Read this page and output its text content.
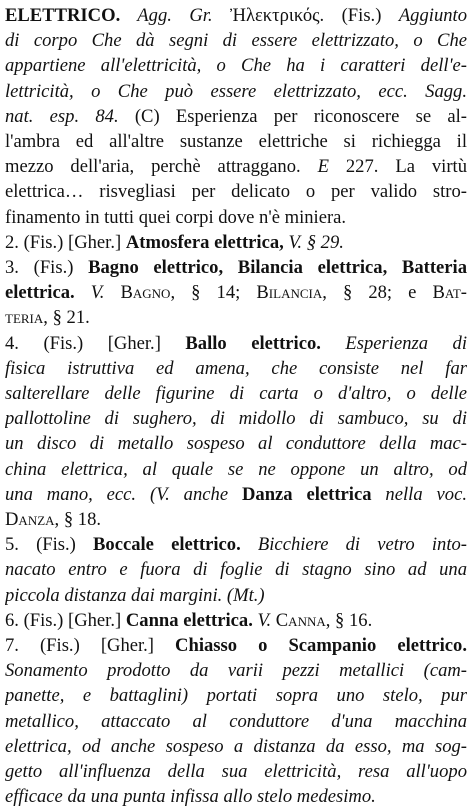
ELETTRICO. Agg. Gr. Ἠλεκτρικός. (Fis.) Aggiunto
di corpo Che dà segni di essere elettrizzato, o Che
appartiene all'elettricità, o Che ha i caratteri dell'e-
lettricità, o Che può essere elettrizzato, ecc. Sagg.
nat. esp. 84. (C) Esperienza per riconoscere se al-
l'ambra ed all'altre sustanze elettriche si richiegga il
mezzo dell'aria, perchè attraggano. E 227. La virtù
elettrica… risvegliasi per delicato o per valido stro-
finamento in tutti quei corpi dove n'è miniera.
2. (Fis.) [Gher.] Atmosfera elettrica, V. § 29.
3. (Fis.) Bagno elettrico, Bilancia elettrica, Batteria
elettrica. V. Bagno, § 14; Bilancia, § 28; e Bat-
teria, § 21.
4. (Fis.) [Gher.] Ballo elettrico. Esperienza di
fisica istruttiva ed amena, che consiste nel far
salterellare delle figurine di carta o d'altro, o delle
pallottoline di sughero, di midollo di sambuco, su di
un disco di metallo sospeso al conduttore della mac-
china elettrica, al quale se ne oppone un altro, od
una mano, ecc. (V. anche Danza elettrica nella voc.
Danza, § 18.
5. (Fis.) Boccale elettrico. Bicchiere di vetro into-
nacato entro e fuora di foglie di stagno sino ad una
piccola distanza dai margini. (Mt.)
6. (Fis.) [Gher.] Canna elettrica. V. Canna, § 16.
7. (Fis.) [Gher.] Chiasso o Scampanio elettrico.
Sonamento prodotto da varii pezzi metallici (cam-
panette, e battaglini) portati sopra uno stelo, pur
metallico, attaccato al conduttore d'una macchina
elettrica, od anche sospeso a distanza da esso, ma sog-
getto all'influenza della sua elettricità, resa all'uopo
efficace da una punta infissa allo stelo medesimo.
